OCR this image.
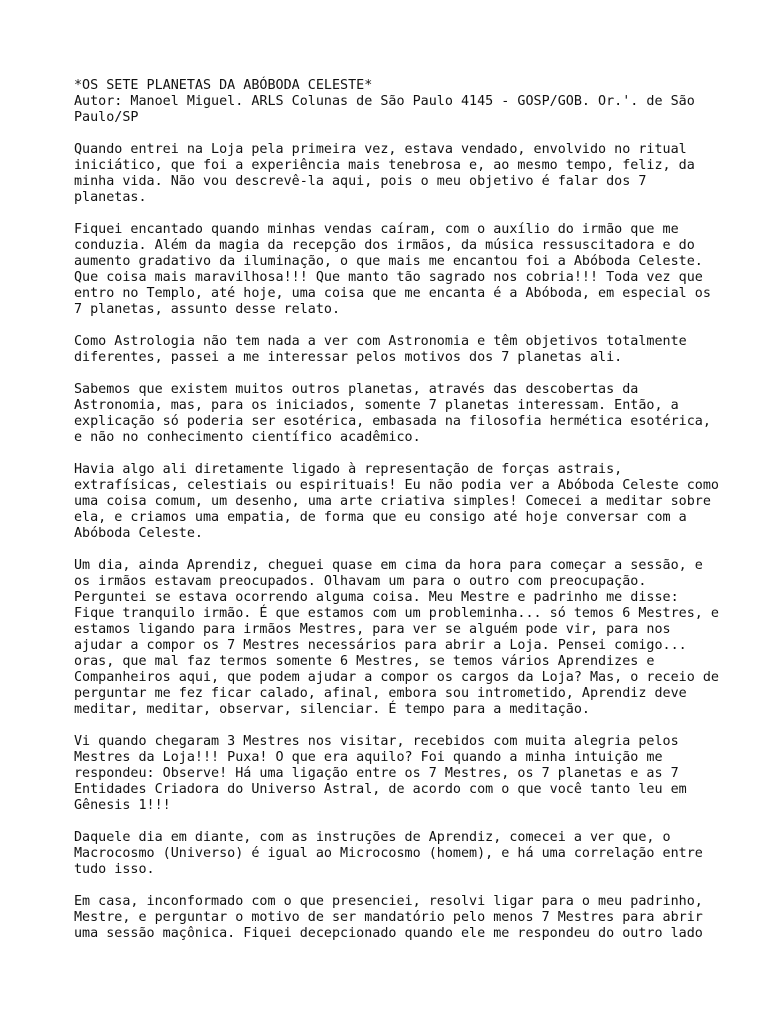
*OS SETE PLANETAS DA ABÓBODA CELESTE*
Autor: Manoel Miguel. ARLS Colunas de São Paulo 4145 - GOSP/GOB. Or.'. de São
Paulo/SP
Quando entrei na Loja pela primeira vez, estava vendado, envolvido no ritual
iniciático, que foi a experiência mais tenebrosa e, ao mesmo tempo, feliz, da
minha vida. Não vou descrevê-la aqui, pois o meu objetivo é falar dos 7
planetas.
Fiquei encantado quando minhas vendas caíram, com o auxílio do irmão que me
conduzia. Além da magia da recepção dos irmãos, da música ressuscitadora e do
aumento gradativo da iluminação, o que mais me encantou foi a Abóboda Celeste.
Que coisa mais maravilhosa!!! Que manto tão sagrado nos cobria!!! Toda vez que
entro no Templo, até hoje, uma coisa que me encanta é a Abóboda, em especial os
7 planetas, assunto desse relato.
Como Astrologia não tem nada a ver com Astronomia e têm objetivos totalmente
diferentes, passei a me interessar pelos motivos dos 7 planetas ali.
Sabemos que existem muitos outros planetas, através das descobertas da
Astronomia, mas, para os iniciados, somente 7 planetas interessam. Então, a
explicação só poderia ser esotérica, embasada na filosofia hermética esotérica,
e não no conhecimento científico acadêmico.
Havia algo ali diretamente ligado à representação de forças astrais,
extrafísicas, celestiais ou espirituais! Eu não podia ver a Abóboda Celeste como
uma coisa comum, um desenho, uma arte criativa simples! Comecei a meditar sobre
ela, e criamos uma empatia, de forma que eu consigo até hoje conversar com a
Abóboda Celeste.
Um dia, ainda Aprendiz, cheguei quase em cima da hora para começar a sessão, e
os irmãos estavam preocupados. Olhavam um para o outro com preocupação.
Perguntei se estava ocorrendo alguma coisa. Meu Mestre e padrinho me disse:
Fique tranquilo irmão. É que estamos com um probleminha... só temos 6 Mestres, e
estamos ligando para irmãos Mestres, para ver se alguém pode vir, para nos
ajudar a compor os 7 Mestres necessários para abrir a Loja. Pensei comigo...
oras, que mal faz termos somente 6 Mestres, se temos vários Aprendizes e
Companheiros aqui, que podem ajudar a compor os cargos da Loja? Mas, o receio de
perguntar me fez ficar calado, afinal, embora sou intrometido, Aprendiz deve
meditar, meditar, observar, silenciar. É tempo para a meditação.
Vi quando chegaram 3 Mestres nos visitar, recebidos com muita alegria pelos
Mestres da Loja!!! Puxa! O que era aquilo? Foi quando a minha intuição me
respondeu: Observe! Há uma ligação entre os 7 Mestres, os 7 planetas e as 7
Entidades Criadora do Universo Astral, de acordo com o que você tanto leu em
Gênesis 1!!!
Daquele dia em diante, com as instruções de Aprendiz, comecei a ver que, o
Macrocosmo (Universo) é igual ao Microcosmo (homem), e há uma correlação entre
tudo isso.
Em casa, inconformado com o que presenciei, resolvi ligar para o meu padrinho,
Mestre, e perguntar o motivo de ser mandatório pelo menos 7 Mestres para abrir
uma sessão maçônica. Fiquei decepcionado quando ele me respondeu do outro lado
